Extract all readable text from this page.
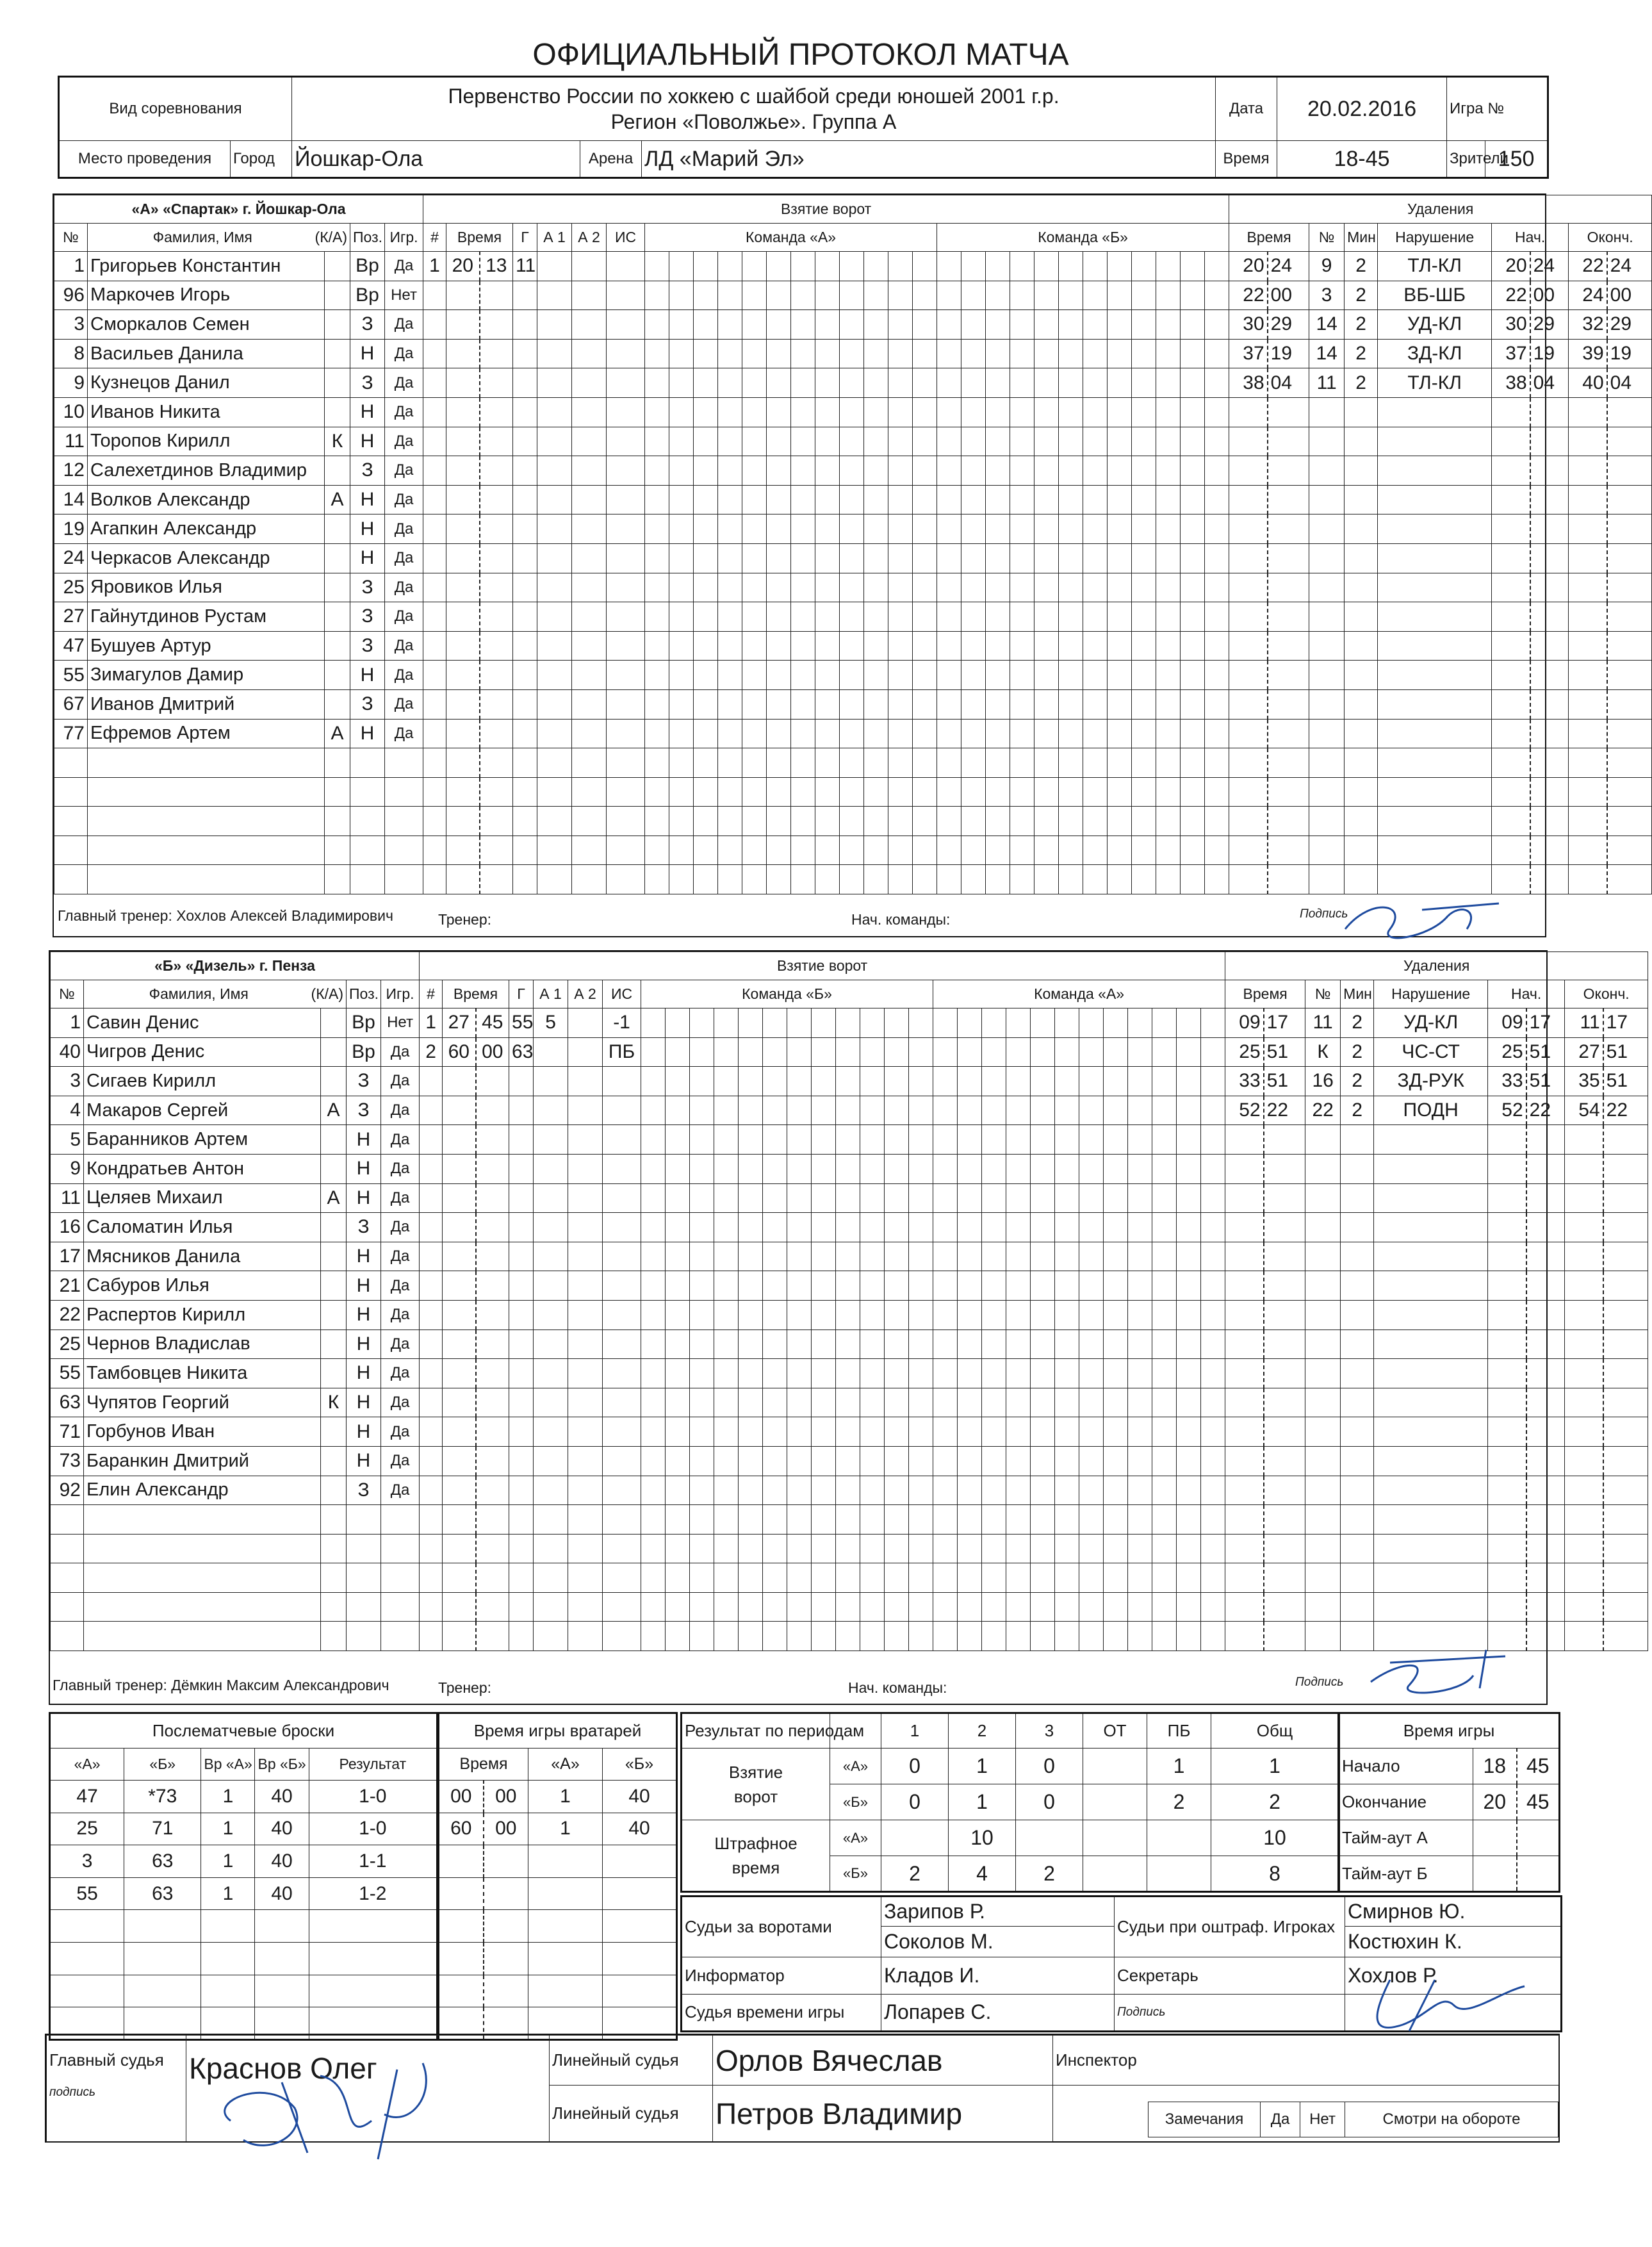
ОФИЦИАЛЬНЫЙ ПРОТОКОЛ МАТЧА
Вид соревнования		Первенство России по хоккею с шайбой среди юношей 2001 г.р.
Регион «Поволжье». Группа А			Дата	20.02.2016	Игра №	
Место проведения	Город	Йошкар-Ола	Арена	ЛД «Марий Эл»	Время	18-45	Зрители	150
«А» «Спартак» г. Йошкар-Ола					Взятие ворот																															Удаления								
№	Фамилия, Имя (К/А)		Поз.	Игр.	#	Время		Г	А 1	А 2	ИС	Команда «А»												Команда «Б»												Время		№	Мин	Нарушение	Нач.		Оконч.	
1	Григорьев Константин		Вр	Да	1	20	13	11																												20	24	9	2	ТЛ-КЛ	20	24	22	24
96	Маркочев Игорь		Вр	Нет																																22	00	3	2	ВБ-ШБ	22	00	24	00
3	Сморкалов Семен		З	Да																																30	29	14	2	УД-КЛ	30	29	32	29
8	Васильев Данила		Н	Да																																37	19	14	2	ЗД-КЛ	37	19	39	19
9	Кузнецов Данил		З	Да																																38	04	11	2	ТЛ-КЛ	38	04	40	04
10	Иванов Никита		Н	Да																																								
11	Торопов Кирилл	К	Н	Да																																								
12	Салехетдинов Владимир		З	Да																																								
14	Волков Александр	А	Н	Да																																								
19	Агапкин Александр		Н	Да																																								
24	Черкасов Александр		Н	Да																																								
25	Яровиков Илья		З	Да																																								
27	Гайнутдинов Рустам		З	Да																																								
47	Бушуев Артур		З	Да																																								
55	Зимагулов Дамир		Н	Да																																								
67	Иванов Дмитрий		З	Да																																								
77	Ефремов Артем	А	Н	Да																																								

Главный тренер: Хохлов Алексей Владимирович	Тренер:	Нач. команды:	Подпись
«Б» «Дизель» г. Пенза					Взятие ворот																															Удаления								
№	Фамилия, Имя (К/А)		Поз.	Игр.	#	Время		Г	А 1	А 2	ИС	Команда «Б»												Команда «А»												Время		№	Мин	Нарушение	Нач.		Оконч.	
1	Савин Денис		Вр	Нет	1	27	45	55	5		-1																									09	17	11	2	УД-КЛ	09	17	11	17
40	Чигров Денис		Вр	Да	2	60	00	63			ПБ																									25	51	К	2	ЧС-СТ	25	51	27	51
3	Сигаев Кирилл		З	Да																																33	51	16	2	ЗД-РУК	33	51	35	51
4	Макаров Сергей	А	З	Да																																52	22	22	2	ПОДН	52	22	54	22
5	Баранников Артем		Н	Да																																								
9	Кондратьев Антон		Н	Да																																								
11	Целяев Михаил	А	Н	Да																																								
16	Саломатин Илья		З	Да																																								
17	Мясников Данила		Н	Да																																								
21	Сабуров Илья		Н	Да																																								
22	Распертов Кирилл		Н	Да																																								
25	Чернов Владислав		Н	Да																																								
55	Тамбовцев Никита		Н	Да																																								
63	Чупятов Георгий	К	Н	Да																																								
71	Горбунов Иван		Н	Да																																								
73	Баранкин Дмитрий		Н	Да																																								
92	Елин Александр		З	Да																																								

Главный тренер: Дёмкин Максим Александрович	Тренер:	Нач. команды:	Подпись
Послематчевые броски				
«А»	«Б»	Вр «А»	Вр «Б»	Результат
47	*73	1	40	1-0
25	71	1	40	1-0
3	63	1	40	1-1
55	63	1	40	1-2

Время игры вратарей			
Время		«А»	«Б»
00	00	1	40
60	00	1	40

Результат по периодам		1	2	3	ОТ	ПБ	Общ
Взятие ворот	«А»	0	1	0		1	1
	«Б»	0	1	0		2	2
Штрафное время	«А»		10				10
	«Б»	2	4	2			8
Время игры		
Начало	18	45
Окончание	20	45
Тайм-аут А		
Тайм-аут Б		
Судьи за воротами	Зарипов Р.	Судьи при оштраф. Игроках	Смирнов Ю.
	Соколов М.		Костюхин К.
Информатор	Кладов И.	Секретарь	Хохлов Р.
Судья времени игры	Лопарев С.	Подпись	
Главный судья	Краснов Олег	Линейный судья	Орлов Вячеслав	Инспектор
подпись		Линейный судья	Петров Владимир		Замечания	Да	Нет	Смотри на обороте
